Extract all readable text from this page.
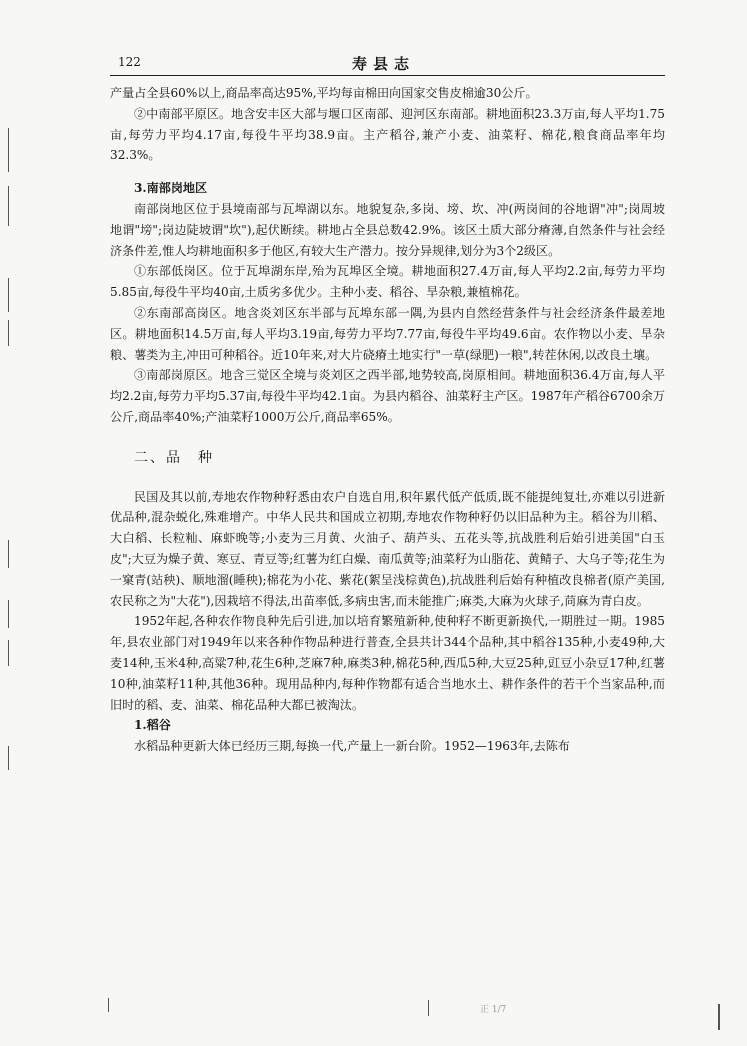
122	寿县志
正 1/7

产量占全县60%以上,商品率高达95%,平均每亩棉田向国家交售皮棉逾30公斤。

②中南部平原区。地含安丰区大部与堰口区南部、迎河区东南部。耕地面积23.3万亩,每人平均1.75亩,每劳力平均4.17亩,每役牛平均38.9亩。主产稻谷,兼产小麦、油菜籽、棉花,粮食商品率年均32.3%。

3.南部岗地区

南部岗地区位于县境南部与瓦埠湖以东。地貌复杂,多岗、塝、坎、冲(两岗间的谷地谓"冲";岗周坡地谓"塝";岗边陡坡谓"坎"),起伏断续。耕地占全县总数42.9%。该区土质大部分瘠薄,自然条件与社会经济条件差,惟人均耕地面积多于他区,有较大生产潜力。按分异规律,划分为3个2级区。

①东部低岗区。位于瓦埠湖东岸,殆为瓦埠区全境。耕地面积27.4万亩,每人平均2.2亩,每劳力平均5.85亩,每役牛平均40亩,土质劣多优少。主种小麦、稻谷、旱杂粮,兼植棉花。

②东南部高岗区。地含炎刘区东半部与瓦埠东部一隅,为县内自然经营条件与社会经济条件最差地区。耕地面积14.5万亩,每人平均3.19亩,每劳力平均7.77亩,每役牛平均49.6亩。农作物以小麦、旱杂粮、薯类为主,冲田可种稻谷。近10年来,对大片硗瘠土地实行"一草(绿肥)一粮",转茬休闲,以改良土壤。

③南部岗原区。地含三觉区全境与炎刘区之西半部,地势较高,岗原相间。耕地面积36.4万亩,每人平均2.2亩,每劳力平均5.37亩,每役牛平均42.1亩。为县内稻谷、油菜籽主产区。1987年产稻谷6700余万公斤,商品率40%;产油菜籽1000万公斤,商品率65%。

二、品　种

民国及其以前,寿地农作物种籽悉由农户自选自用,积年累代低产低质,既不能提纯复壮,亦难以引进新优品种,混杂蜕化,殊难增产。中华人民共和国成立初期,寿地农作物种籽仍以旧品种为主。稻谷为川稻、大白稻、长粒籼、麻虾晚等;小麦为三月黄、火油子、葫芦头、五花头等,抗战胜利后始引进美国"白玉皮";大豆为燥子黄、寒豆、青豆等;红薯为红白燥、南瓜黄等;油菜籽为山脂花、黄鲭子、大乌子等;花生为一窠青(站秧)、顺地溜(睡秧);棉花为小花、紫花(絮呈浅棕黄色),抗战胜利后始有种植改良棉者(原产美国,农民称之为"大花"),因栽培不得法,出苗率低,多病虫害,而未能推广;麻类,大麻为火球子,苘麻为青白皮。

1952年起,各种农作物良种先后引进,加以培育繁殖新种,使种籽不断更新换代,一期胜过一期。1985年,县农业部门对1949年以来各种作物品种进行普查,全县共计344个品种,其中稻谷135种,小麦49种,大麦14种,玉米4种,高粱7种,花生6种,芝麻7种,麻类3种,棉花5种,西瓜5种,大豆25种,豇豆小杂豆17种,红薯10种,油菜籽11种,其他36种。现用品种内,每种作物都有适合当地水土、耕作条件的若干个当家品种,而旧时的稻、麦、油菜、棉花品种大都已被淘汰。

1.稻谷

水稻品种更新大体已经历三期,每换一代,产量上一新台阶。1952—1963年,去陈布
